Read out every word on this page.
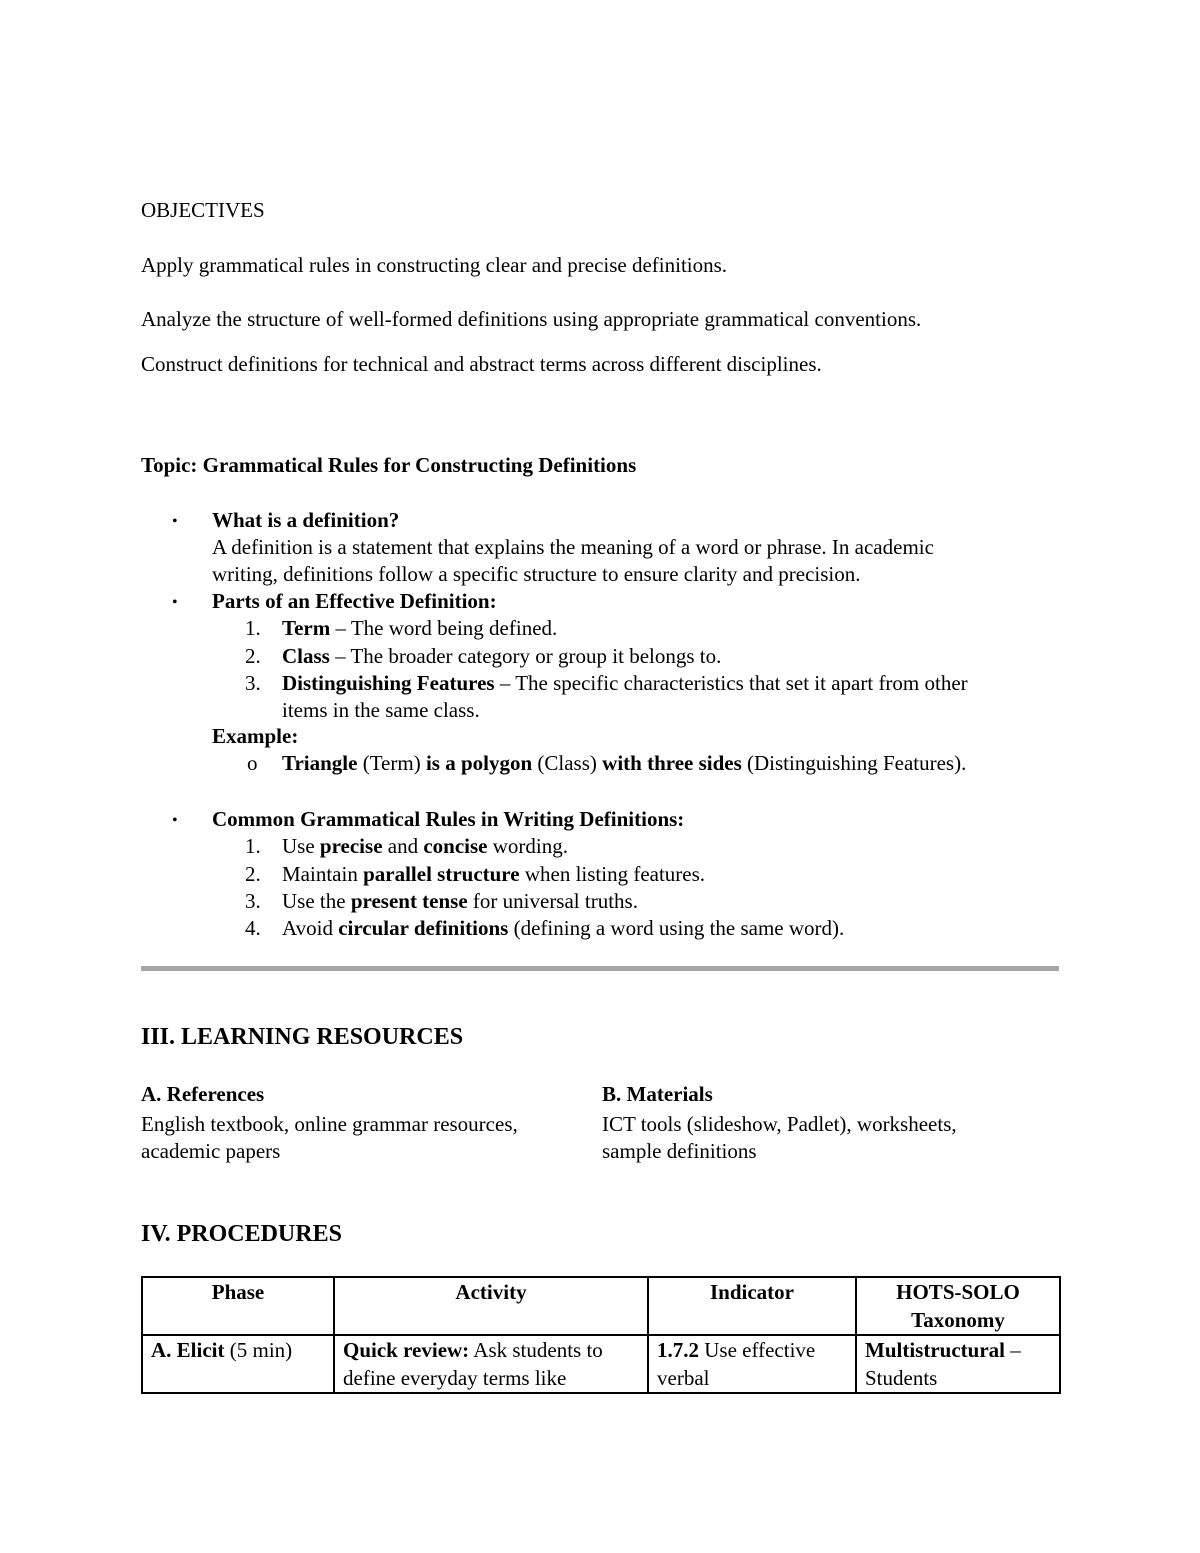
OBJECTIVES
Apply grammatical rules in constructing clear and precise definitions.
Analyze the structure of well-formed definitions using appropriate grammatical conventions.
Construct definitions for technical and abstract terms across different disciplines.
Topic: Grammatical Rules for Constructing Definitions
• What is a definition?
A definition is a statement that explains the meaning of a word or phrase. In academic
writing, definitions follow a specific structure to ensure clarity and precision.
• Parts of an Effective Definition:
1. Term – The word being defined.
2. Class – The broader category or group it belongs to.
3. Distinguishing Features – The specific characteristics that set it apart from other
items in the same class.
Example:
o Triangle (Term) is a polygon (Class) with three sides (Distinguishing Features).
• Common Grammatical Rules in Writing Definitions:
1. Use precise and concise wording.
2. Maintain parallel structure when listing features.
3. Use the present tense for universal truths.
4. Avoid circular definitions (defining a word using the same word).
III. LEARNING RESOURCES
A. References
English textbook, online grammar resources,
academic papers
B. Materials
ICT tools (slideshow, Padlet), worksheets,
sample definitions
IV. PROCEDURES
Phase	Activity	Indicator	HOTS-SOLO Taxonomy
A. Elicit (5 min)	Quick review: Ask students to define everyday terms like	1.7.2 Use effective verbal	Multistructural – Students
